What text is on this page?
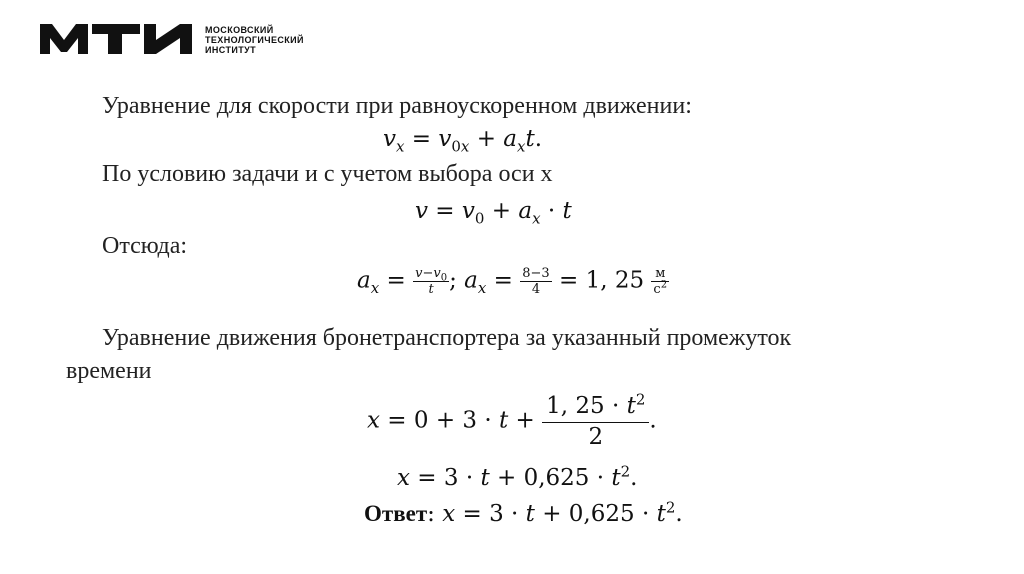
МОСКОВСКИЙ
ТЕХНОЛОГИЧЕСКИЙ
ИНСТИТУТ
Уравнение для скорости при равноускоренном движении:
$v_x = v_{0x} + a_xt$.
По условию задачи и с учетом выбора оси x
$v = v_0 + a_x \cdot t$
Отсюда:
$a_x = \frac{v-v_0}{t}$ ; $a_x = \frac{8-3}{4} = 1$, $25 \frac{м}{с^2}$
Уравнение движения бронетранспортера за указанный промежуток
времени
$x = 0 + 3 \cdot t + \frac{1, 25 \cdot t^2}{2}$ .
$x = 3 \cdot t + 0,625 \cdot t^2$.
Ответ: $x = 3 \cdot t + 0,625 \cdot t^2$.
